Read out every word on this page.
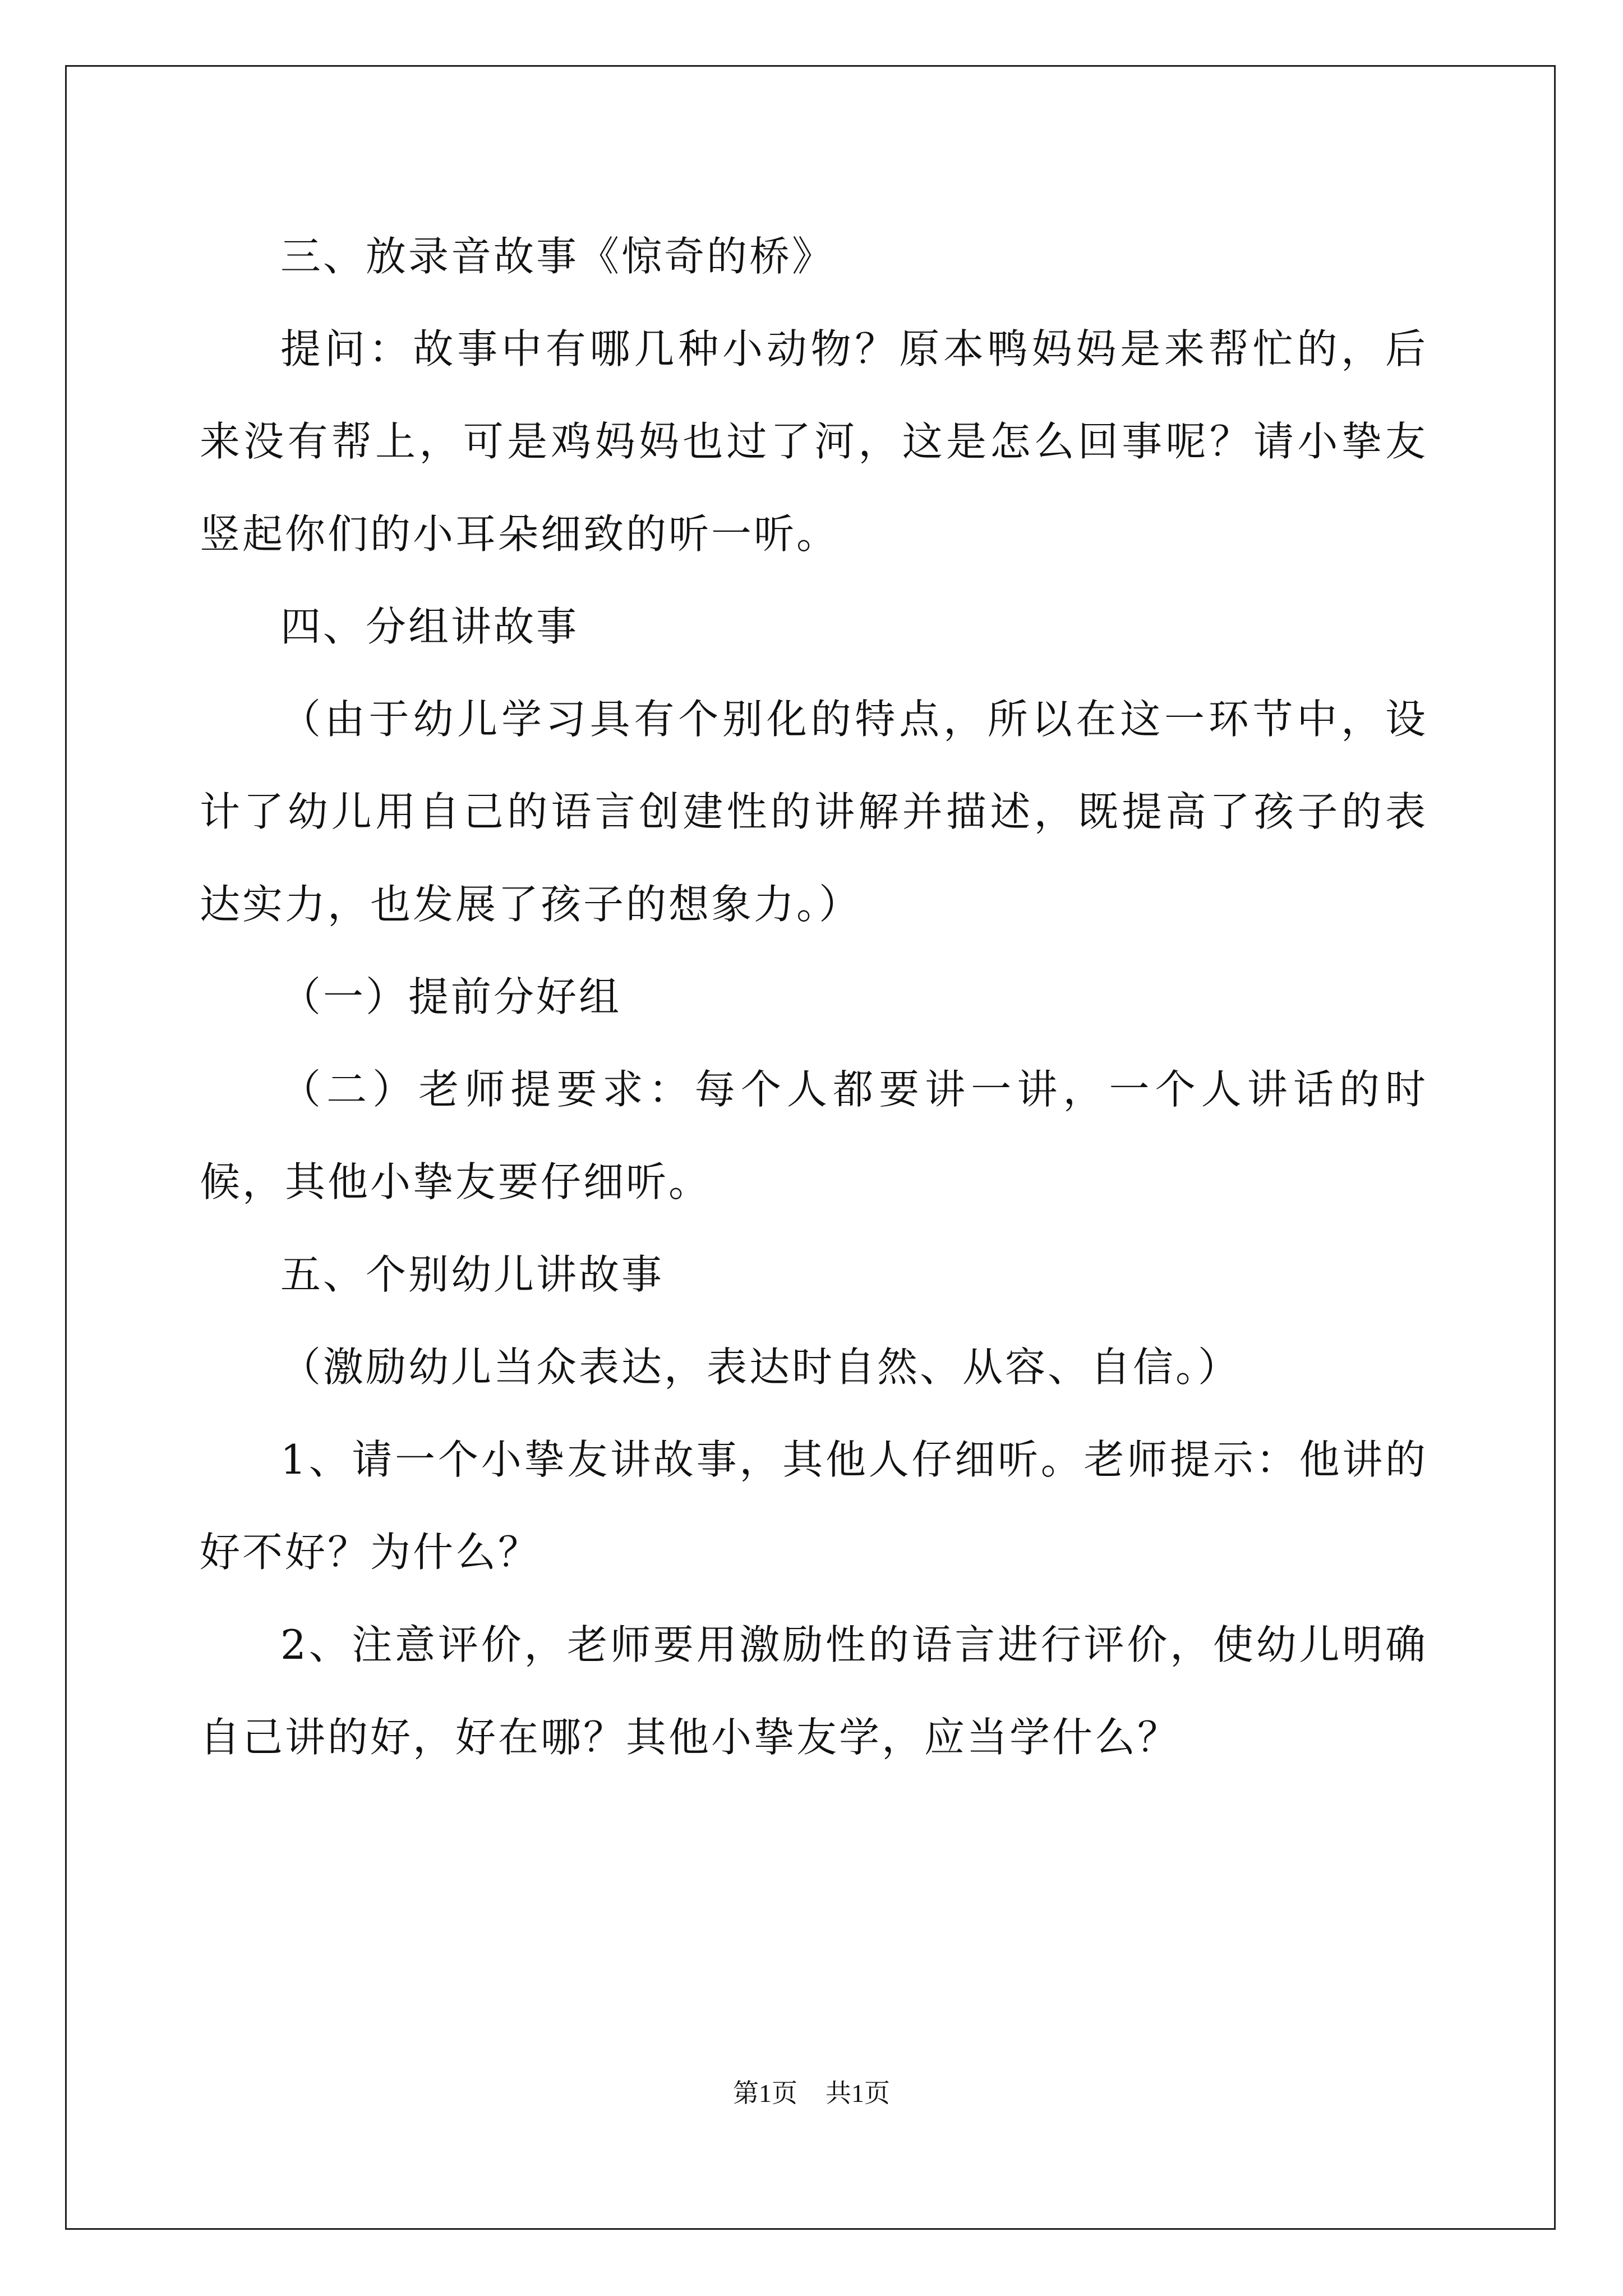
三、放录音故事《惊奇的桥》

提问：故事中有哪几种小动物？原本鸭妈妈是来帮忙的，后来没有帮上，可是鸡妈妈也过了河，这是怎么回事呢？请小挚友竖起你们的小耳朵细致的听一听。

四、分组讲故事

（由于幼儿学习具有个别化的特点，所以在这一环节中，设计了幼儿用自己的语言创建性的讲解并描述，既提高了孩子的表达实力，也发展了孩子的想象力。）

（一）提前分好组

（二）老师提要求：每个人都要讲一讲，一个人讲话的时候，其他小挚友要仔细听。

五、个别幼儿讲故事

（激励幼儿当众表达，表达时自然、从容、自信。）

1、请一个小挚友讲故事，其他人仔细听。老师提示：他讲的好不好？为什么？

2、注意评价，老师要用激励性的语言进行评价，使幼儿明确自己讲的好，好在哪？其他小挚友学，应当学什么？

第1页 共1页
